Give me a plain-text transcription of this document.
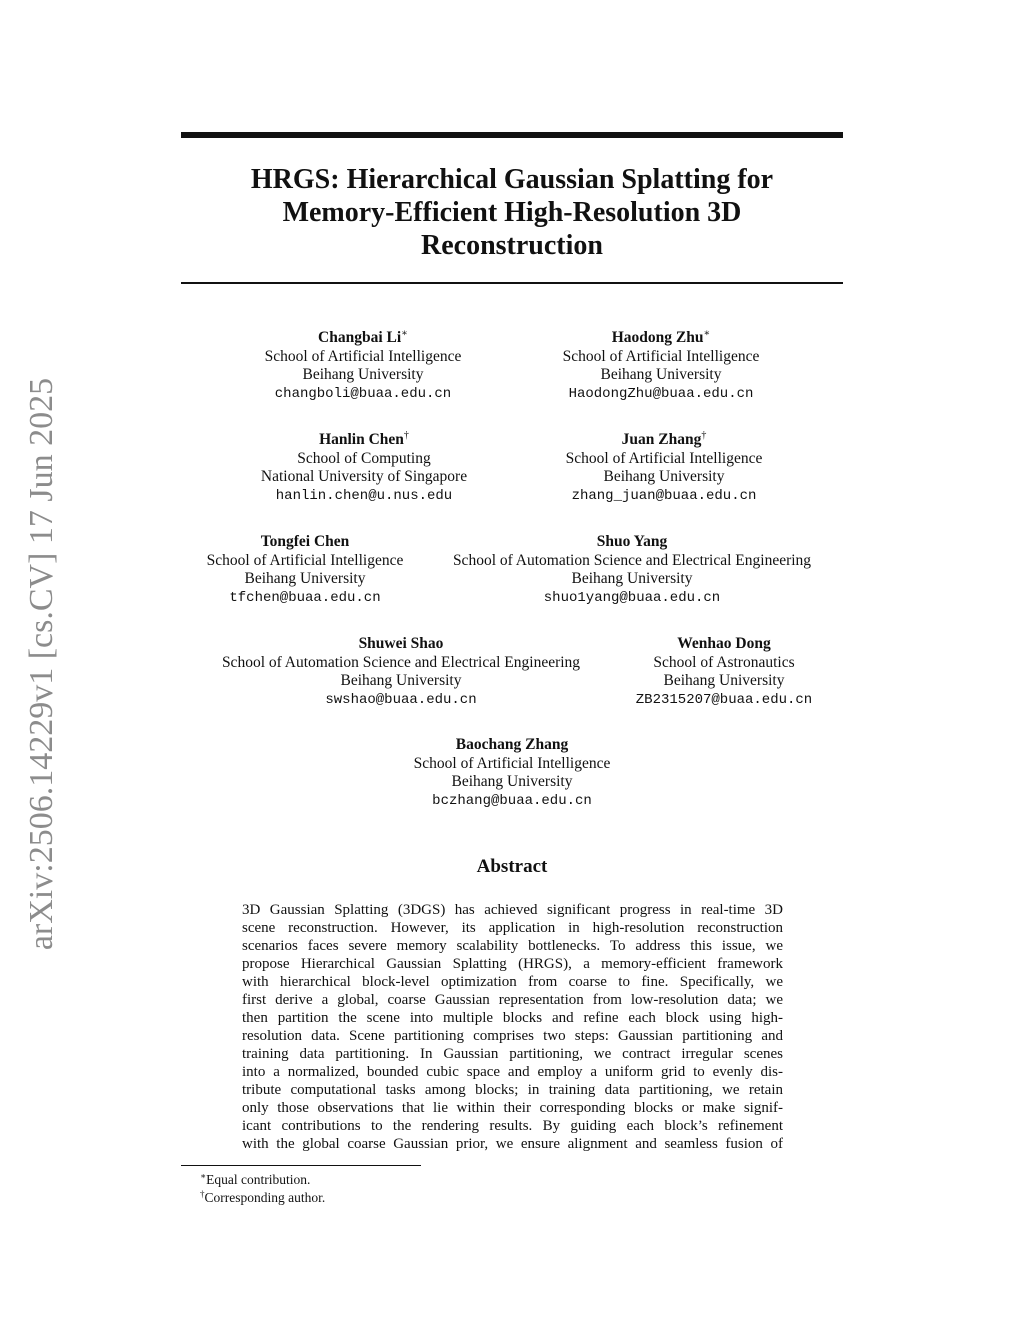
arXiv:2506.14229v1 [cs.CV] 17 Jun 2025
HRGS: Hierarchical Gaussian Splatting for
Memory-Efficient High-Resolution 3D
Reconstruction
Changbai Li∗
School of Artificial Intelligence
Beihang University
changboli@buaa.edu.cn
Haodong Zhu∗
School of Artificial Intelligence
Beihang University
HaodongZhu@buaa.edu.cn
Hanlin Chen†
School of Computing
National University of Singapore
hanlin.chen@u.nus.edu
Juan Zhang†
School of Artificial Intelligence
Beihang University
zhang_juan@buaa.edu.cn
Tongfei Chen
School of Artificial Intelligence
Beihang University
tfchen@buaa.edu.cn
Shuo Yang
School of Automation Science and Electrical Engineering
Beihang University
shuo1yang@buaa.edu.cn
Shuwei Shao
School of Automation Science and Electrical Engineering
Beihang University
swshao@buaa.edu.cn
Wenhao Dong
School of Astronautics
Beihang University
ZB2315207@buaa.edu.cn
Baochang Zhang
School of Artificial Intelligence
Beihang University
bczhang@buaa.edu.cn
Abstract
3D Gaussian Splatting (3DGS) has achieved significant progress in real-time 3D
scene reconstruction. However, its application in high-resolution reconstruction
scenarios faces severe memory scalability bottlenecks. To address this issue, we
propose Hierarchical Gaussian Splatting (HRGS), a memory-efficient framework
with hierarchical block-level optimization from coarse to fine. Specifically, we
first derive a global, coarse Gaussian representation from low-resolution data; we
then partition the scene into multiple blocks and refine each block using high-
resolution data. Scene partitioning comprises two steps: Gaussian partitioning and
training data partitioning. In Gaussian partitioning, we contract irregular scenes
into a normalized, bounded cubic space and employ a uniform grid to evenly dis-
tribute computational tasks among blocks; in training data partitioning, we retain
only those observations that lie within their corresponding blocks or make signif-
icant contributions to the rendering results. By guiding each block’s refinement
with the global coarse Gaussian prior, we ensure alignment and seamless fusion of
∗Equal contribution.
†Corresponding author.
